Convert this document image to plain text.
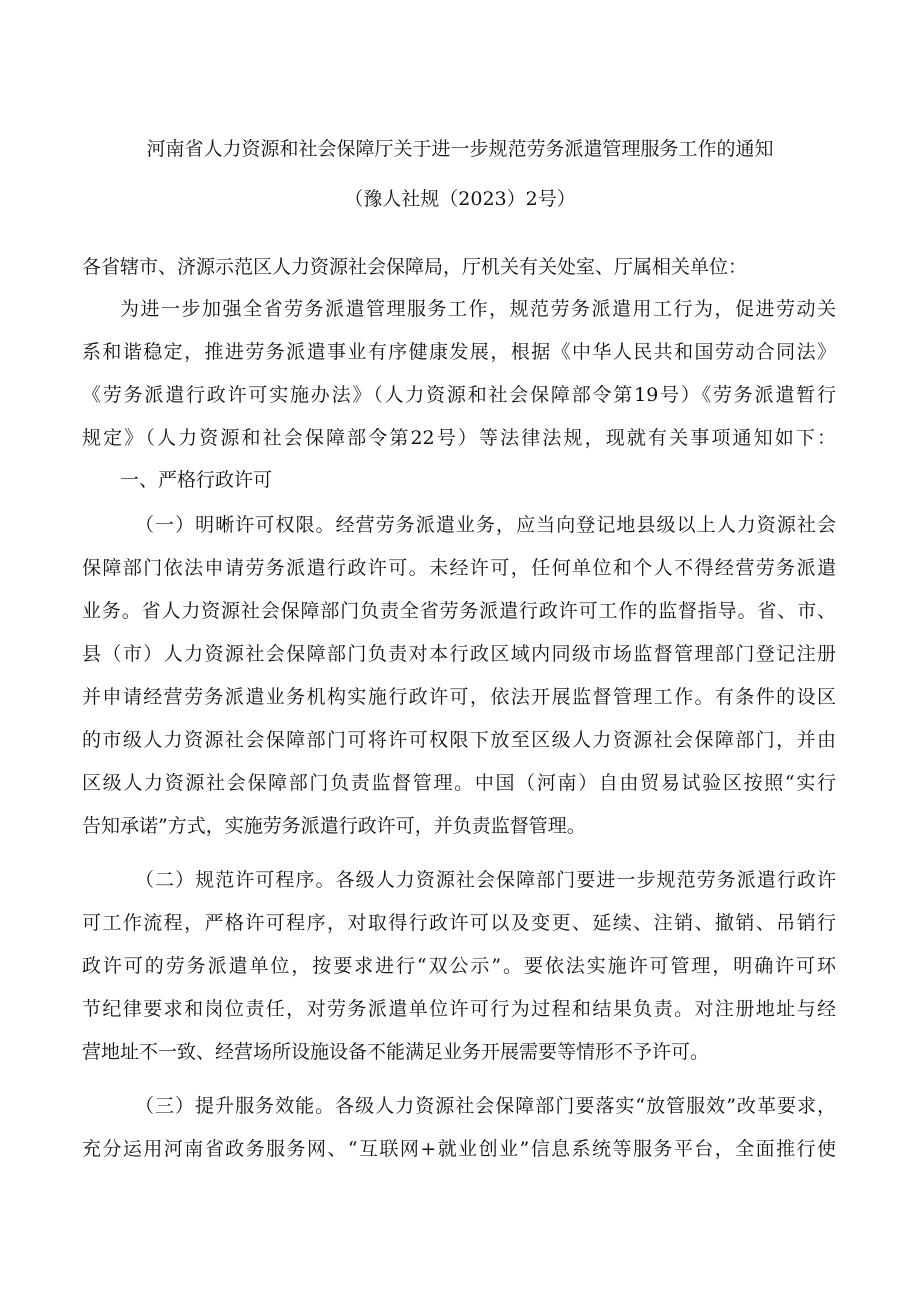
河南省人力资源和社会保障厅关于进一步规范劳务派遣管理服务工作的通知
（豫人社规（2023）2号）
各省辖市、济源示范区人力资源社会保障局，厅机关有关处室、厅属相关单位：
为进一步加强全省劳务派遣管理服务工作，规范劳务派遣用工行为，促进劳动关
系和谐稳定，推进劳务派遣事业有序健康发展，根据《中华人民共和国劳动合同法》
《劳务派遣行政许可实施办法》（人力资源和社会保障部令第19号）《劳务派遣暂行
规定》（人力资源和社会保障部令第22号）等法律法规，现就有关事项通知如下：
一、严格行政许可
（一）明晰许可权限。经营劳务派遣业务，应当向登记地县级以上人力资源社会
保障部门依法申请劳务派遣行政许可。未经许可，任何单位和个人不得经营劳务派遣
业务。省人力资源社会保障部门负责全省劳务派遣行政许可工作的监督指导。省、市、
县（市）人力资源社会保障部门负责对本行政区域内同级市场监督管理部门登记注册
并申请经营劳务派遣业务机构实施行政许可，依法开展监督管理工作。有条件的设区
的市级人力资源社会保障部门可将许可权限下放至区级人力资源社会保障部门，并由
区级人力资源社会保障部门负责监督管理。中国（河南）自由贸易试验区按照“实行
告知承诺”方式，实施劳务派遣行政许可，并负责监督管理。
（二）规范许可程序。各级人力资源社会保障部门要进一步规范劳务派遣行政许
可工作流程，严格许可程序，对取得行政许可以及变更、延续、注销、撤销、吊销行
政许可的劳务派遣单位，按要求进行“双公示”。要依法实施许可管理，明确许可环
节纪律要求和岗位责任，对劳务派遣单位许可行为过程和结果负责。对注册地址与经
营地址不一致、经营场所设施设备不能满足业务开展需要等情形不予许可。
（三）提升服务效能。各级人力资源社会保障部门要落实“放管服效”改革要求，
充分运用河南省政务服务网、“互联网+就业创业”信息系统等服务平台，全面推行使
